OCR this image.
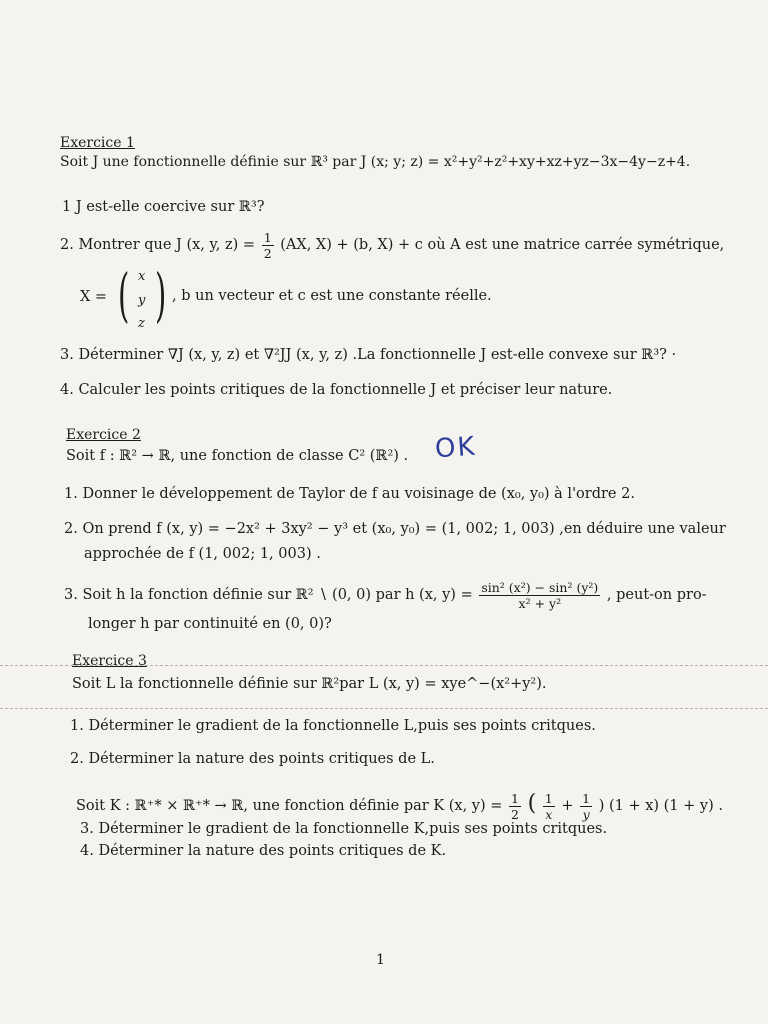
Exercice 1
Soit J une fonctionnelle définie sur ℝ³ par J (x; y; z) = x²+y²+z²+xy+xz+yz−3x−4y−z+4.
1 J est-elle coercive sur ℝ³?
2. Montrer que J (x, y, $z) = \frac{1}{2} (AX$, X) + (b, X) + c où A est une matrice carrée symétrique,
X = ( x
y
z ) , b un vecteur et c est une constante réelle.
3. Déterminer ∇J (x, y, z) et ∇²JJ (x, y, z) .La fonctionnelle J est-elle convexe sur ℝ³? ·
4. Calculer les points critiques de la fonctionnelle J et préciser leur nature.
Exercice 2
Soit f : ℝ² → ℝ, une fonction de classe C² (ℝ²) . OK
1. Donner le développement de Taylor de f au voisinage de (x₀, y₀) à l'ordre 2.
2. On prend f (x, y) = −2x² + 3xy² − y³ et (x₀, y₀) = (1, 002; 1, 003) ,en déduire une valeur
approchée de f (1, 002; 1, 003) .
3. Soit h la fonction définie sur ℝ² ∖ (0, 0) par h (x, $y) = \frac{\text{sin² (x²) − sin² (y²)}}{\text{x² + y²}}$ , peut-on pro-
longer h par continuité en (0, 0)?
Exercice 3
Soit L la fonctionnelle définie sur ℝ²par L (x, y) = xye^−(x²+y²).
1. Déterminer le gradient de la fonctionnelle L,puis ses points critques.
2. Déterminer la nature des points critiques de L.
Soit K : ℝ⁺* × ℝ⁺* → ℝ, une fonction définie par K (x, $y) = \frac{1}{2}$ ( $\frac{1}{x} + \frac{1}{y}$ ) (1 + x) (1 + y) .
3. Déterminer le gradient de la fonctionnelle K,puis ses points critques.
4. Déterminer la nature des points critiques de K.
1
